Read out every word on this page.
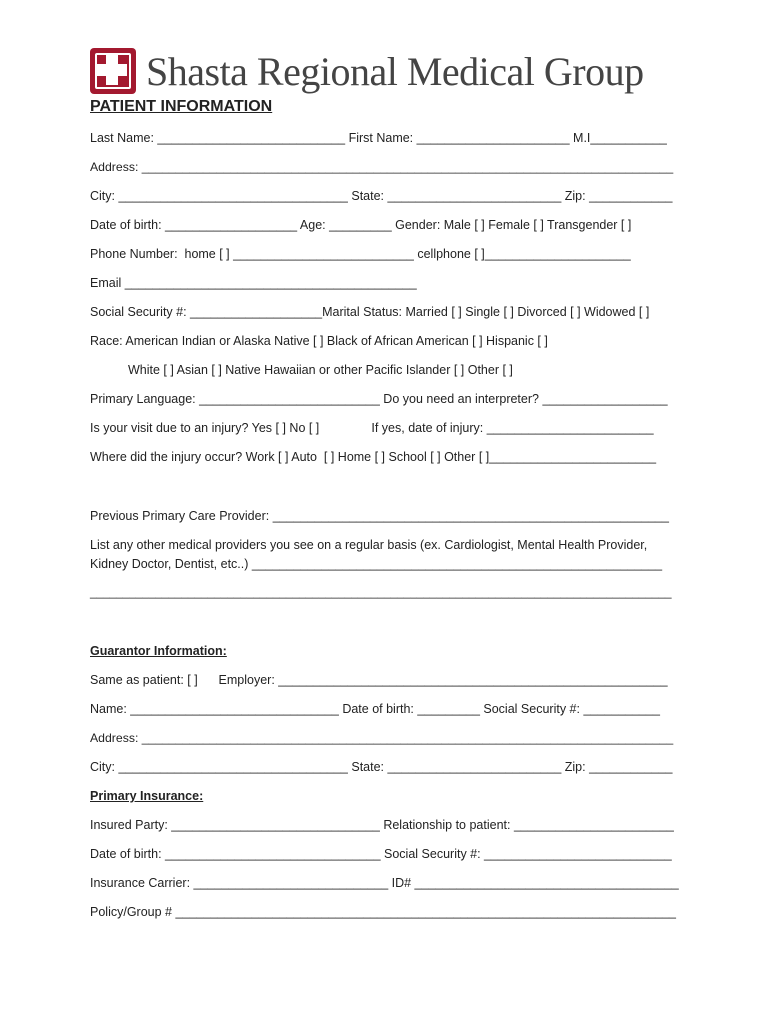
Shasta Regional Medical Group
PATIENT INFORMATION
Last Name: ___________________________ First Name: ______________________ M.I___________
Address: ______________________________________________________________________________
City: _________________________________ State: _________________________ Zip: ____________
Date of birth: ___________________ Age: _________ Gender: Male [ ] Female [ ] Transgender [ ]
Phone Number:  home [ ] __________________________ cellphone [ ]_____________________
Email __________________________________________
Social Security #: ___________________Marital Status: Married [ ] Single [ ] Divorced [ ] Widowed [ ]
Race: American Indian or Alaska Native [ ] Black of African American [ ] Hispanic [ ]
White [ ] Asian [ ] Native Hawaiian or other Pacific Islander [ ] Other [ ]
Primary Language: __________________________ Do you need an interpreter? __________________
Is your visit due to an injury? Yes [ ] No [ ]               If yes, date of injury: ________________________
Where did the injury occur? Work [ ] Auto  [ ] Home [ ] School [ ] Other [ ]________________________
Previous Primary Care Provider: _________________________________________________________
List any other medical providers you see on a regular basis (ex. Cardiologist, Mental Health Provider,
Kidney Doctor, Dentist, etc..) ___________________________________________________________
_________________________________________________________________________________________
Guarantor Information:
Same as patient: [ ]      Employer: ________________________________________________________
Name: ______________________________ Date of birth: _________ Social Security #: ___________
Address: ______________________________________________________________________________
City: _________________________________ State: _________________________ Zip: ____________
Primary Insurance:
Insured Party: ______________________________ Relationship to patient: _______________________
Date of birth: _______________________________ Social Security #: ___________________________
Insurance Carrier: ____________________________ ID# ______________________________________
Policy/Group # ________________________________________________________________________
